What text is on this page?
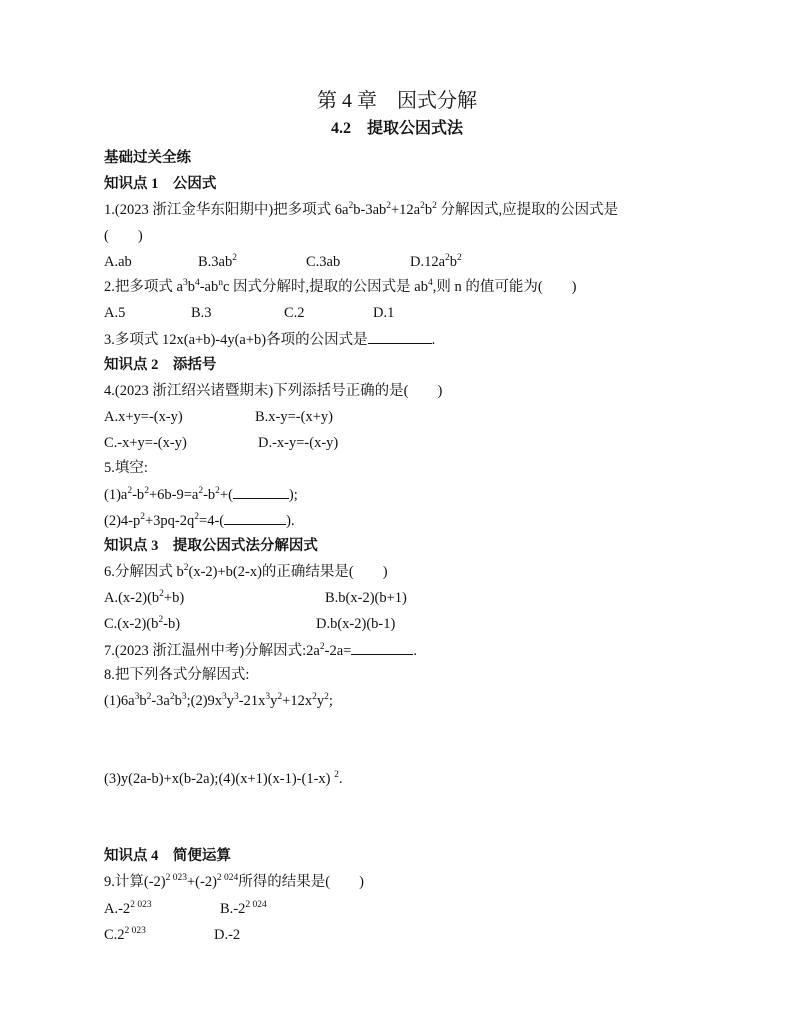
第 4 章　 因式分解
4.2　提取公因式法
基础过关全练
知识点 1　公因式
1.(2023 浙江金华东阳期中)把多项式 $6a^2b-3ab^2+12a^2b^2$ 分解因式,应提取的公因式是
(　　)
A.ab	$B.3ab^2$	C.3ab	$D.12a^2b^2$
2.把多项式 $a^3b^4-ab^nc$ 因式分解时,提取的公因式是 $ab^4$,则 n 的值可能为(　　)
A.5	B.3	C.2	D.1
3.多项式 12x(a+b)-4y(a+b)各项的公因式是	.
知识点 2　添括号
4.(2023 浙江绍兴诸暨期末)下列添括号正确的是(　　)
A.x+y=-(x-y)	B.x-y=-(x+y)
C.-x+y=-(x-y)	D.-x-y=-(x-y)
5.填空:
$(1)a^2-b^2+6b-9=a^2-b^2+$(	);
$(2)4-p^2+3pq-2q^2=4-$(	).
知识点 3　提取公因式法分解因式
6.分解因式 $b^2(x-2)+b(2-x)$的正确结果是(　　)
$A.(x-2)(b^2+b)$	B.b(x-2)(b+1)
$C.(x-2)(b^2-b)$	D.b(x-2)(b-1)
7.(2023 浙江温州中考)分解因式$:2a^2-2a=$	.
8.把下列各式分解因式:
$(1)6a^3b^2-3a^2b^3;(2)9x^3y^3-21x^3y^2+12x^2y^2$;
(3)y(2a-b)+x(b-2a);(4)(x+1)(x-1)-(1-x) $^2$.
知识点 4　简便运算
9.计算$(-2)^{2 023}+(-2)^{2 024}$所得的结果是(　　)
$A.-2^{2 023}$	$B.-2^{2 024}$
$C.2^{2 023}$	D.-2
